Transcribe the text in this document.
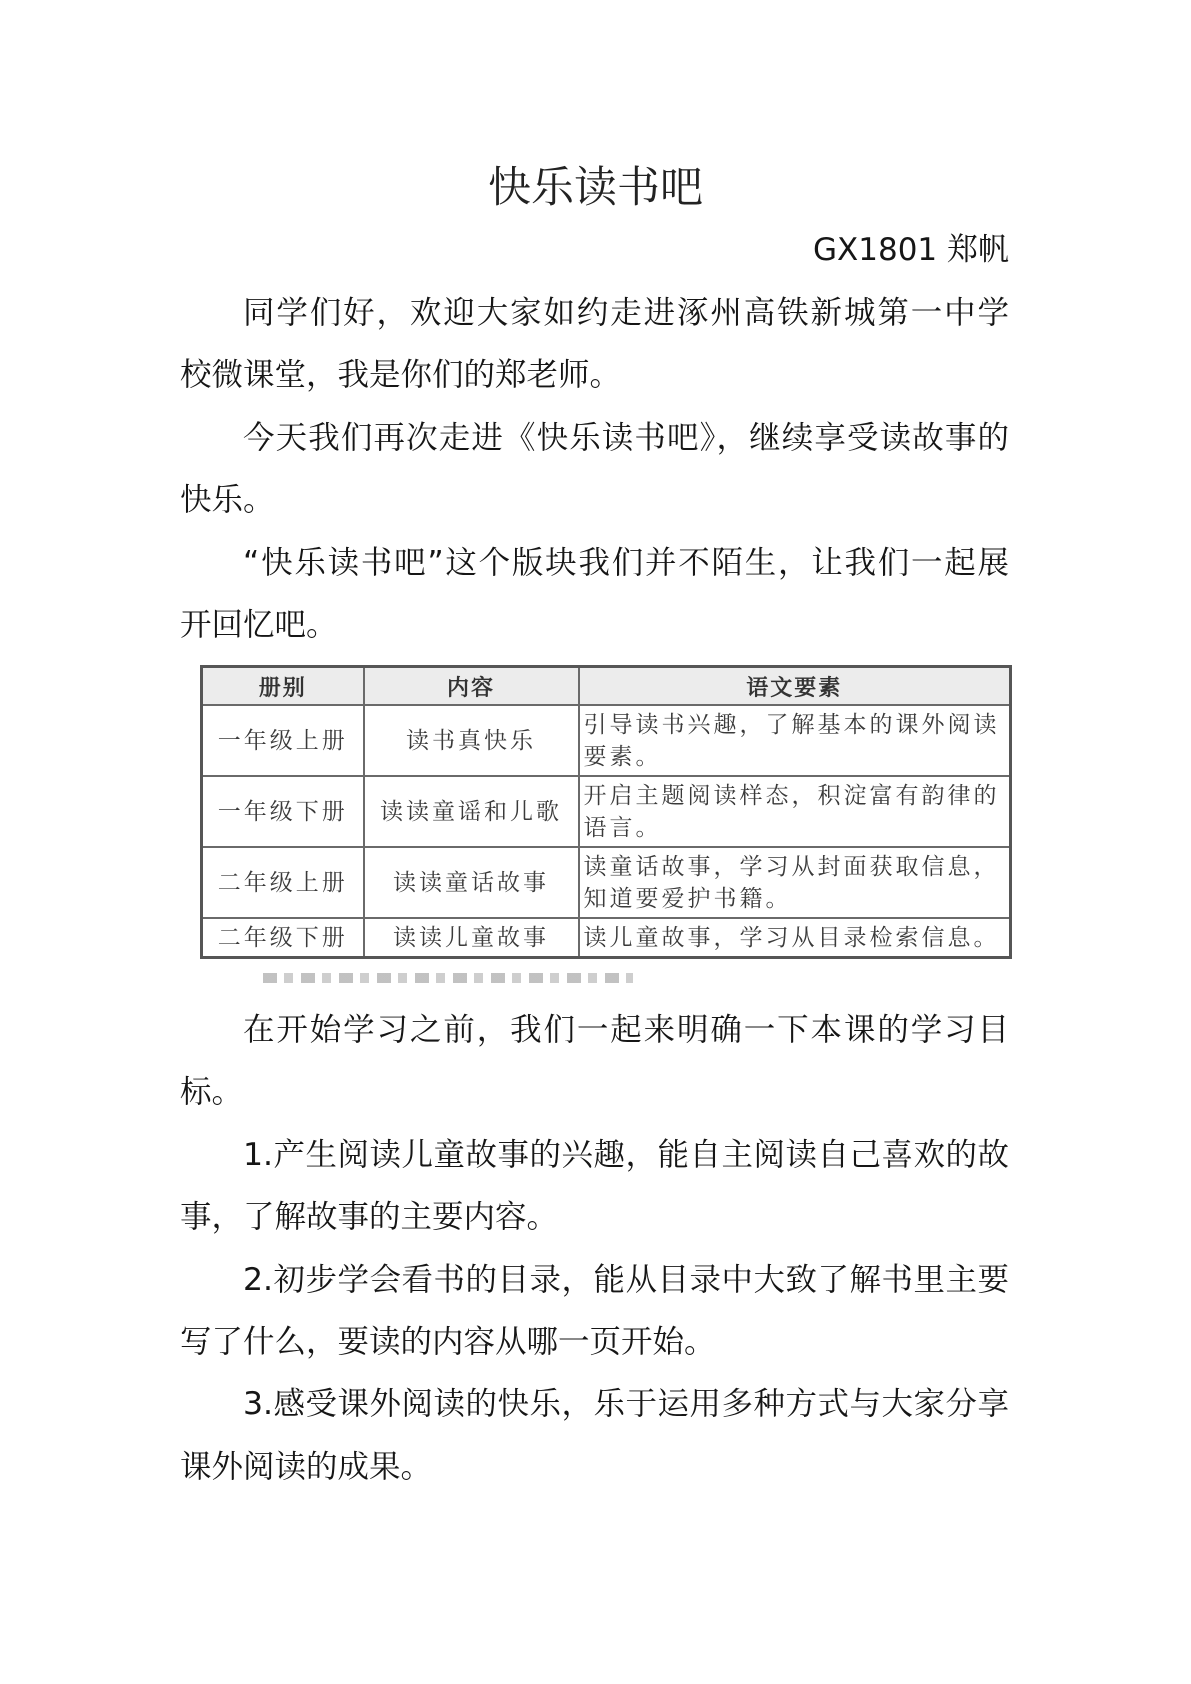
快乐读书吧
GX1801 郑帆
同学们好，欢迎大家如约走进涿州高铁新城第一中学
校微课堂，我是你们的郑老师。
今天我们再次走进《快乐读书吧》，继续享受读故事的
快乐。
“快乐读书吧”这个版块我们并不陌生，让我们一起展
开回忆吧。
册别	内容	语文要素
一年级上册	读书真快乐	引导读书兴趣，了解基本的课外阅读要素。
一年级下册	读读童谣和儿歌	开启主题阅读样态，积淀富有韵律的语言。
二年级上册	读读童话故事	读童话故事，学习从封面获取信息，知道要爱护书籍。
二年级下册	读读儿童故事	读儿童故事，学习从目录检索信息。
在开始学习之前，我们一起来明确一下本课的学习目
标。
1.产生阅读儿童故事的兴趣，能自主阅读自己喜欢的故
事，了解故事的主要内容。
2.初步学会看书的目录，能从目录中大致了解书里主要
写了什么，要读的内容从哪一页开始。
3.感受课外阅读的快乐，乐于运用多种方式与大家分享
课外阅读的成果。
